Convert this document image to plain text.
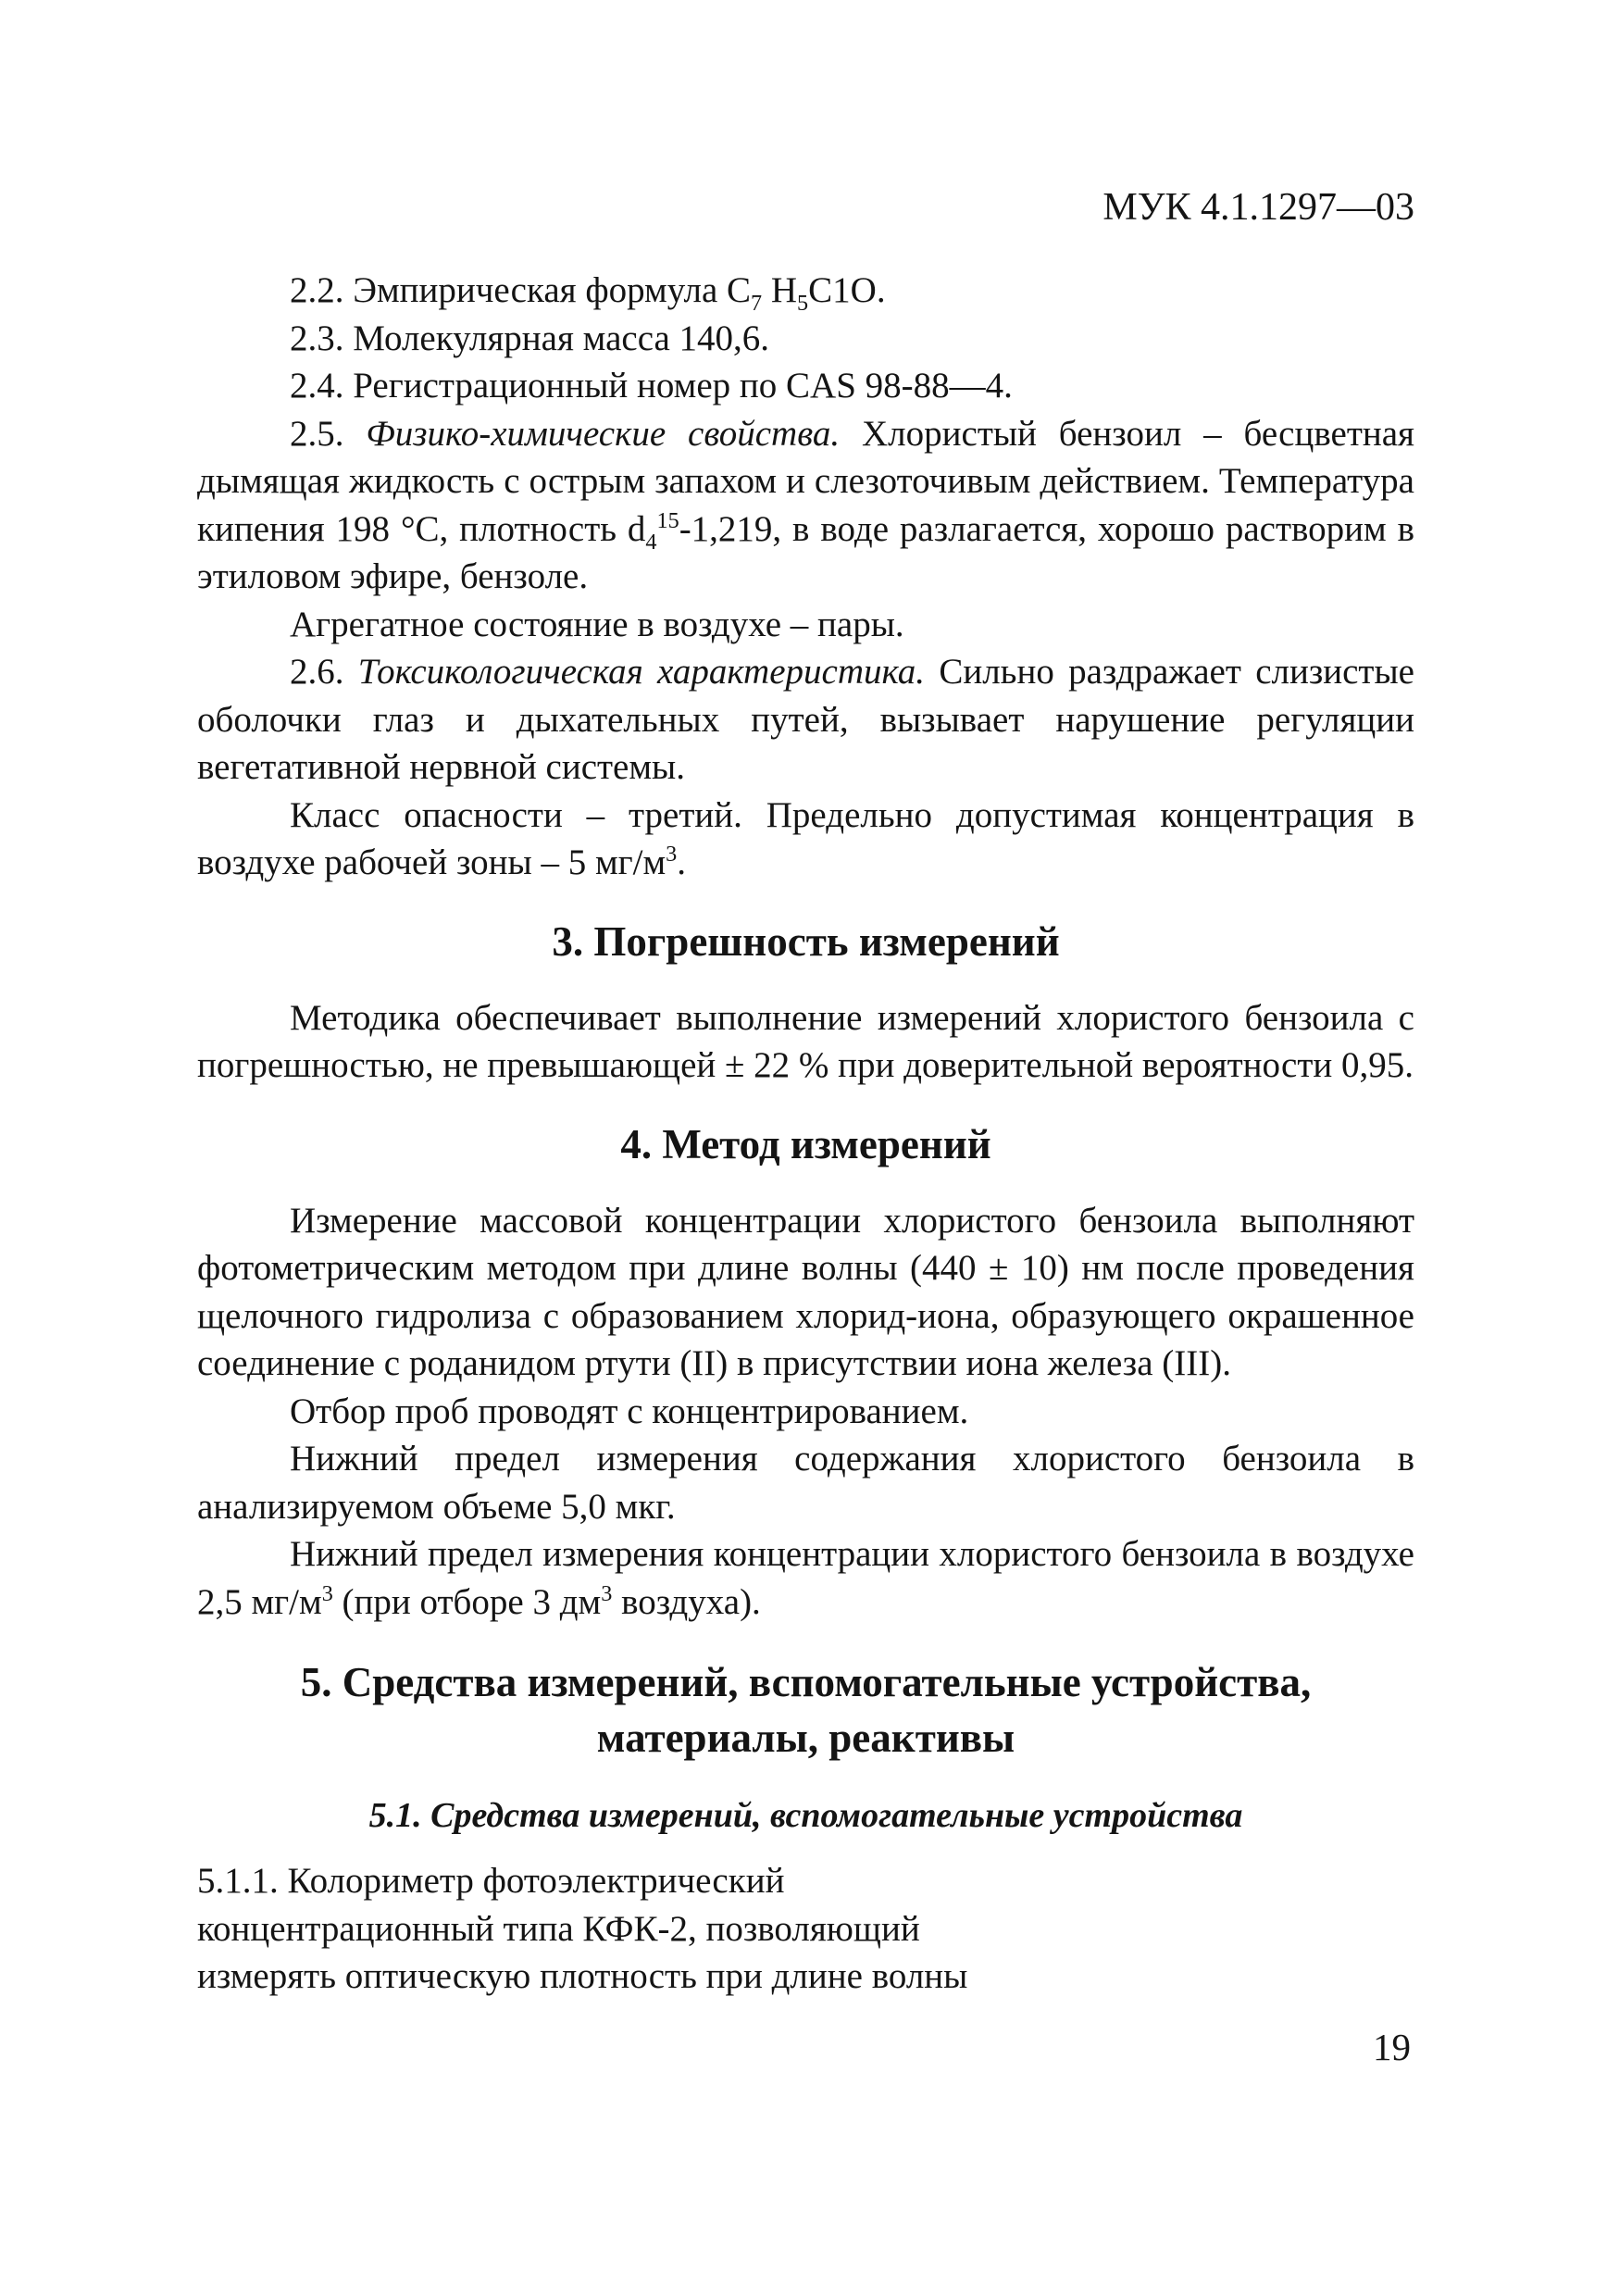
МУК 4.1.1297—03

2.2. Эмпирическая формула $C_7$ $H_5C1O$.

2.3. Молекулярная масса 140,6.

2.4. Регистрационный номер по CAS 98-88—4.

2.5. Физико-химические свойства. Хлористый бензоил – бесцветная дымящая жидкость с острым запахом и слезоточивым действием. Температура кипения 198 °С, плотность $d_4^{15}-1,219$, в воде разлагается, хорошо растворим в этиловом эфире, бензоле.

Агрегатное состояние в воздухе – пары.

2.6. Токсикологическая характеристика. Сильно раздражает слизистые оболочки глаз и дыхательных путей, вызывает нарушение регуляции вегетативной нервной системы.

Класс опасности – третий. Предельно допустимая концентрация в воздухе рабочей зоны – 5 $мг/м^3$.

3. Погрешность измерений

Методика обеспечивает выполнение измерений хлористого бензоила с погрешностью, не превышающей ± 22 % при доверительной вероятности 0,95.

4. Метод измерений

Измерение массовой концентрации хлористого бензоила выполняют фотометрическим методом при длине волны (440 ± 10) нм после проведения щелочного гидролиза с образованием хлорид-иона, образующего окрашенное соединение с роданидом ртути (II) в присутствии иона железа (III).

Отбор проб проводят с концентрированием.

Нижний предел измерения содержания хлористого бензоила в анализируемом объеме 5,0 мкг.

Нижний предел измерения концентрации хлористого бензоила в воздухе 2,5 $мг/м^3$ (при отборе 3 $дм^3$ воздуха).

5. Средства измерений, вспомогательные устройства,
материалы, реактивы
5.1. Средства измерений, вспомогательные устройства

5.1.1. Колориметр фотоэлектрический концентрационный типа КФК-2, позволяющий измерять оптическую плотность при длине волны

19
